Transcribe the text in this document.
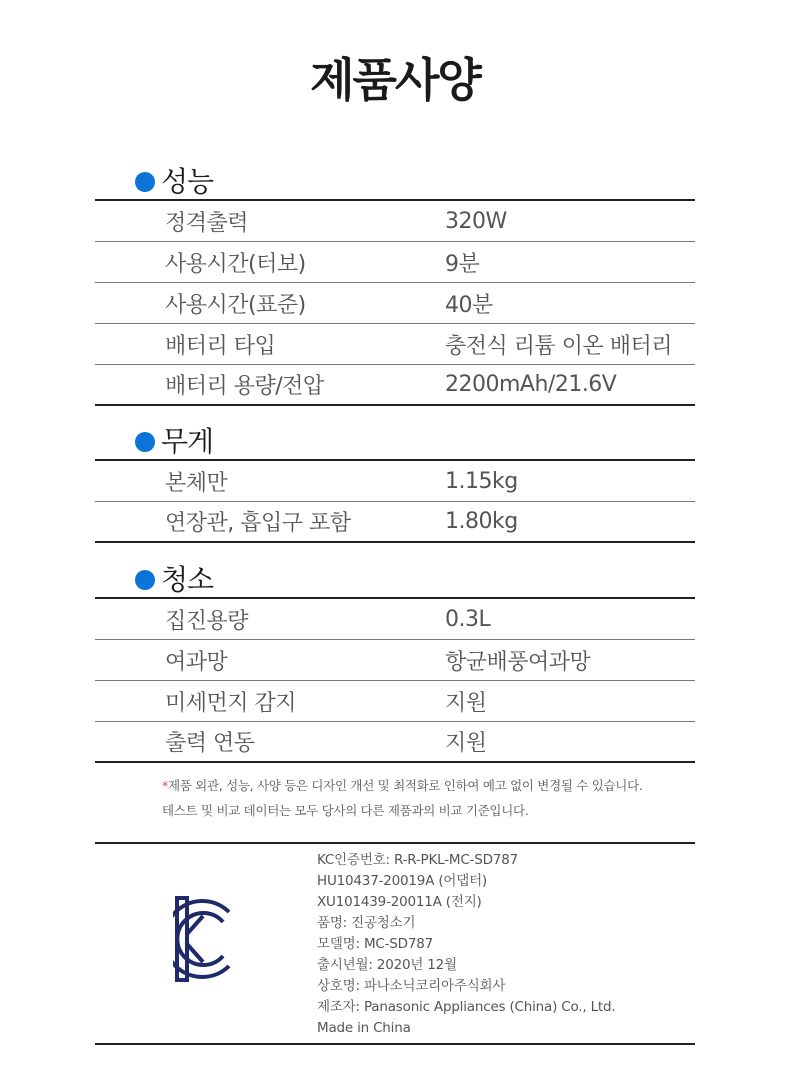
제품사양
성능
정격출력	320W
사용시간(터보)	9분
사용시간(표준)	40분
배터리 타입	충전식 리튬 이온 배터리
배터리 용량/전압	2200mAh/21.6V
무게
본체만	1.15kg
연장관, 흡입구 포함	1.80kg
청소
집진용량	0.3L
여과망	항균배풍여과망
미세먼지 감지	지원
출력 연동	지원
*제품 외관, 성능, 사양 등은 디자인 개선 및 최적화로 인하여 예고 없이 변경될 수 있습니다.
테스트 및 비교 데이터는 모두 당사의 다른 제품과의 비교 기준입니다.
KC인증번호: R-R-PKL-MC-SD787
HU10437-20019A (어댑터)
XU101439-20011A (전지)
품명: 진공청소기
모델명: MC-SD787
출시년월: 2020년 12월
상호명: 파나소닉코리아주식회사
제조자: Panasonic Appliances (China) Co., Ltd.
Made in China
